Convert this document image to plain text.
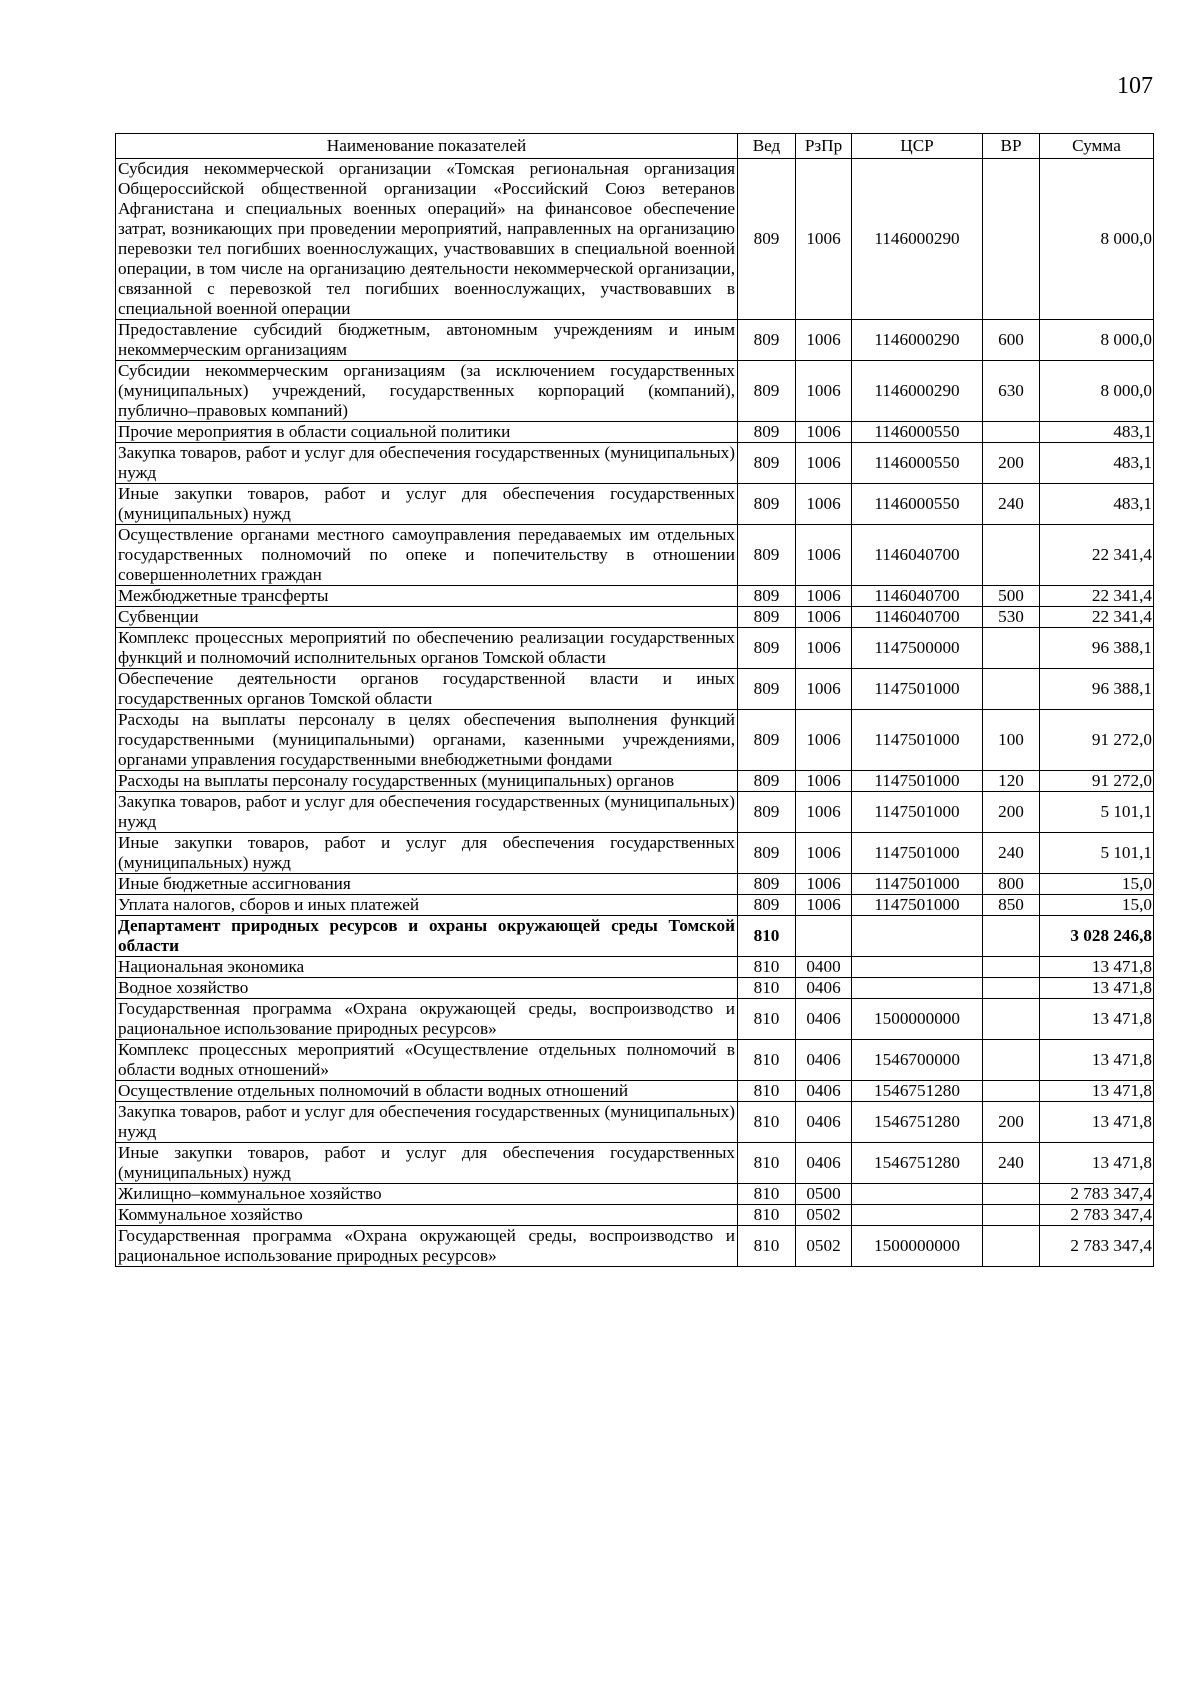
107
Наименование показателей	Вед	РзПр	ЦСР	ВР	Сумма
Субсидия некоммерческой организации «Томская региональная организация Общероссийской общественной организации «Российский Союз ветеранов Афганистана и специальных военных операций» на финансовое обеспечение затрат, возникающих при проведении мероприятий, направленных на организацию перевозки тел погибших военнослужащих, участвовавших в специальной военной операции, в том числе на организацию деятельности некоммерческой организации, связанной с перевозкой тел погибших военнослужащих, участвовавших в специальной военной операции	809	1006	1146000290		8 000,0
Предоставление субсидий бюджетным, автономным учреждениям и иным некоммерческим организациям	809	1006	1146000290	600	8 000,0
Субсидии некоммерческим организациям (за исключением государственных (муниципальных) учреждений, государственных корпораций (компаний), публично–правовых компаний)	809	1006	1146000290	630	8 000,0
Прочие мероприятия в области социальной политики	809	1006	1146000550		483,1
Закупка товаров, работ и услуг для обеспечения государственных (муниципальных) нужд	809	1006	1146000550	200	483,1
Иные закупки товаров, работ и услуг для обеспечения государственных (муниципальных) нужд	809	1006	1146000550	240	483,1
Осуществление органами местного самоуправления передаваемых им отдельных государственных полномочий по опеке и попечительству в отношении совершеннолетних граждан	809	1006	1146040700		22 341,4
Межбюджетные трансферты	809	1006	1146040700	500	22 341,4
Субвенции	809	1006	1146040700	530	22 341,4
Комплекс процессных мероприятий по обеспечению реализации государственных функций и полномочий исполнительных органов Томской области	809	1006	1147500000		96 388,1
Обеспечение деятельности органов государственной власти и иных государственных органов Томской области	809	1006	1147501000		96 388,1
Расходы на выплаты персоналу в целях обеспечения выполнения функций государственными (муниципальными) органами, казенными учреждениями, органами управления государственными внебюджетными фондами	809	1006	1147501000	100	91 272,0
Расходы на выплаты персоналу государственных (муниципальных) органов	809	1006	1147501000	120	91 272,0
Закупка товаров, работ и услуг для обеспечения государственных (муниципальных) нужд	809	1006	1147501000	200	5 101,1
Иные закупки товаров, работ и услуг для обеспечения государственных (муниципальных) нужд	809	1006	1147501000	240	5 101,1
Иные бюджетные ассигнования	809	1006	1147501000	800	15,0
Уплата налогов, сборов и иных платежей	809	1006	1147501000	850	15,0
Департамент природных ресурсов и охраны окружающей среды Томской области	810				3 028 246,8
Национальная экономика	810	0400			13 471,8
Водное хозяйство	810	0406			13 471,8
Государственная программа «Охрана окружающей среды, воспроизводство и рациональное использование природных ресурсов»	810	0406	1500000000		13 471,8
Комплекс процессных мероприятий «Осуществление отдельных полномочий в области водных отношений»	810	0406	1546700000		13 471,8
Осуществление отдельных полномочий в области водных отношений	810	0406	1546751280		13 471,8
Закупка товаров, работ и услуг для обеспечения государственных (муниципальных) нужд	810	0406	1546751280	200	13 471,8
Иные закупки товаров, работ и услуг для обеспечения государственных (муниципальных) нужд	810	0406	1546751280	240	13 471,8
Жилищно–коммунальное хозяйство	810	0500			2 783 347,4
Коммунальное хозяйство	810	0502			2 783 347,4
Государственная программа «Охрана окружающей среды, воспроизводство и рациональное использование природных ресурсов»	810	0502	1500000000		2 783 347,4
